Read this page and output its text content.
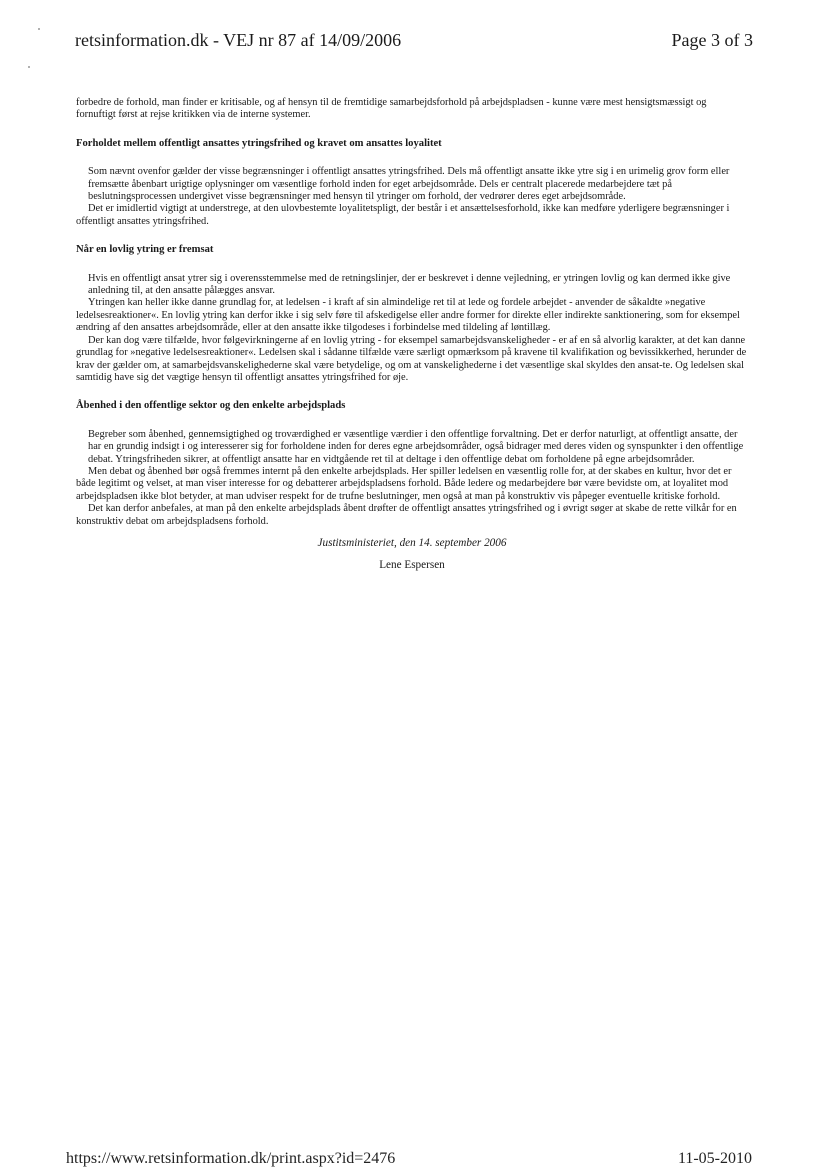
retsinformation.dk - VEJ nr 87 af 14/09/2006	Page 3 of 3

forbedre de forhold, man finder er kritisable, og af hensyn til de fremtidige samarbejdsforhold på arbejdspladsen - kunne være mest hensigtsmæssigt og fornuftigt først at rejse kritikken via de interne systemer.

Forholdet mellem offentligt ansattes ytringsfrihed og kravet om ansattes loyalitet

Som nævnt ovenfor gælder der visse begrænsninger i offentligt ansattes ytringsfrihed. Dels må offentligt ansatte ikke ytre sig i en urimelig grov form eller fremsætte åbenbart urigtige oplysninger om væsentlige forhold inden for eget arbejdsområde. Dels er centralt placerede medarbejdere tæt på beslutningsprocessen undergivet visse begrænsninger med hensyn til ytringer om forhold, der vedrører deres eget arbejdsområde.

Det er imidlertid vigtigt at understrege, at den ulovbestemte loyalitetspligt, der består i et ansættelsesforhold, ikke kan medføre yderligere begrænsninger i offentligt ansattes ytringsfrihed.

Når en lovlig ytring er fremsat

Hvis en offentligt ansat ytrer sig i overensstemmelse med de retningslinjer, der er beskrevet i denne vejledning, er ytringen lovlig og kan dermed ikke give anledning til, at den ansatte pålægges ansvar.

Ytringen kan heller ikke danne grundlag for, at ledelsen - i kraft af sin almindelige ret til at lede og fordele arbejdet - anvender de såkaldte »negative ledelsesreaktioner«. En lovlig ytring kan derfor ikke i sig selv føre til afskedigelse eller andre former for direkte eller indirekte sanktionering, som for eksempel ændring af den ansattes arbejdsområde, eller at den ansatte ikke tilgodeses i forbindelse med tildeling af løntillæg.

Der kan dog være tilfælde, hvor følgevirkningerne af en lovlig ytring - for eksempel samarbejdsvanskeligheder - er af en så alvorlig karakter, at det kan danne grundlag for »negative ledelsesreaktioner«. Ledelsen skal i sådanne tilfælde være særligt opmærksom på kravene til kvalifikation og bevissikkerhed, herunder de krav der gælder om, at samarbejdsvanskelighederne skal være betydelige, og om at vanskelighederne i det væsentlige skal skyldes den ansat-te. Og ledelsen skal samtidig have sig det vægtige hensyn til offentligt ansattes ytringsfrihed for øje.

Åbenhed i den offentlige sektor og den enkelte arbejdsplads

Begreber som åbenhed, gennemsigtighed og troværdighed er væsentlige værdier i den offentlige forvaltning. Det er derfor naturligt, at offentligt ansatte, der har en grundig indsigt i og interesserer sig for forholdene inden for deres egne arbejdsområder, også bidrager med deres viden og synspunkter i den offentlige debat. Ytringsfriheden sikrer, at offentligt ansatte har en vidtgående ret til at deltage i den offentlige debat om forholdene på egne arbejdsområder.

Men debat og åbenhed bør også fremmes internt på den enkelte arbejdsplads. Her spiller ledelsen en væsentlig rolle for, at der skabes en kultur, hvor det er både legitimt og velset, at man viser interesse for og debatterer arbejdspladsens forhold. Både ledere og medarbejdere bør være bevidste om, at loyalitet mod arbejdspladsen ikke blot betyder, at man udviser respekt for de trufne beslutninger, men også at man på konstruktiv vis påpeger eventuelle kritiske forhold.

Det kan derfor anbefales, at man på den enkelte arbejdsplads åbent drøfter de offentligt ansattes ytringsfrihed og i øvrigt søger at skabe de rette vilkår for en konstruktiv debat om arbejdspladsens forhold.

Justitsministeriet, den 14. september 2006
Lene Espersen
https://www.retsinformation.dk/print.aspx?id=2476	11-05-2010
